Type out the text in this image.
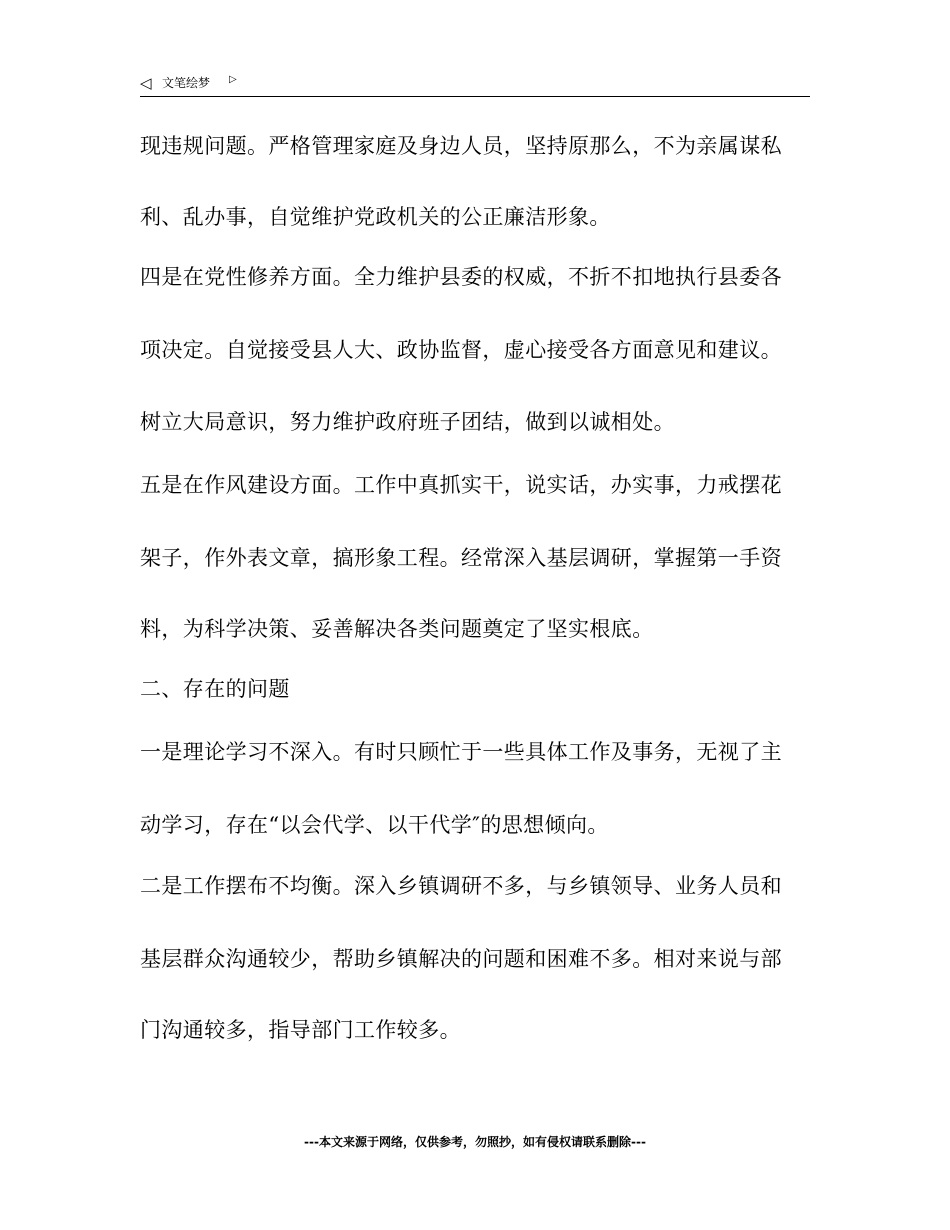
◁ 文笔绘梦 ▷
现违规问题。严格管理家庭及身边人员，坚持原那么，不为亲属谋私
利、乱办事，自觉维护党政机关的公正廉洁形象。
四是在党性修养方面。全力维护县委的权威，不折不扣地执行县委各
项决定。自觉接受县人大、政协监督，虚心接受各方面意见和建议。
树立大局意识，努力维护政府班子团结，做到以诚相处。
五是在作风建设方面。工作中真抓实干，说实话，办实事，力戒摆花
架子，作外表文章，搞形象工程。经常深入基层调研，掌握第一手资
料，为科学决策、妥善解决各类问题奠定了坚实根底。
二、存在的问题
一是理论学习不深入。有时只顾忙于一些具体工作及事务，无视了主
动学习，存在“以会代学、以干代学″的思想倾向。
二是工作摆布不均衡。深入乡镇调研不多，与乡镇领导、业务人员和
基层群众沟通较少，帮助乡镇解决的问题和困难不多。相对来说与部
门沟通较多，指导部门工作较多。
---本文来源于网络，仅供参考，勿照抄，如有侵权请联系删除---
